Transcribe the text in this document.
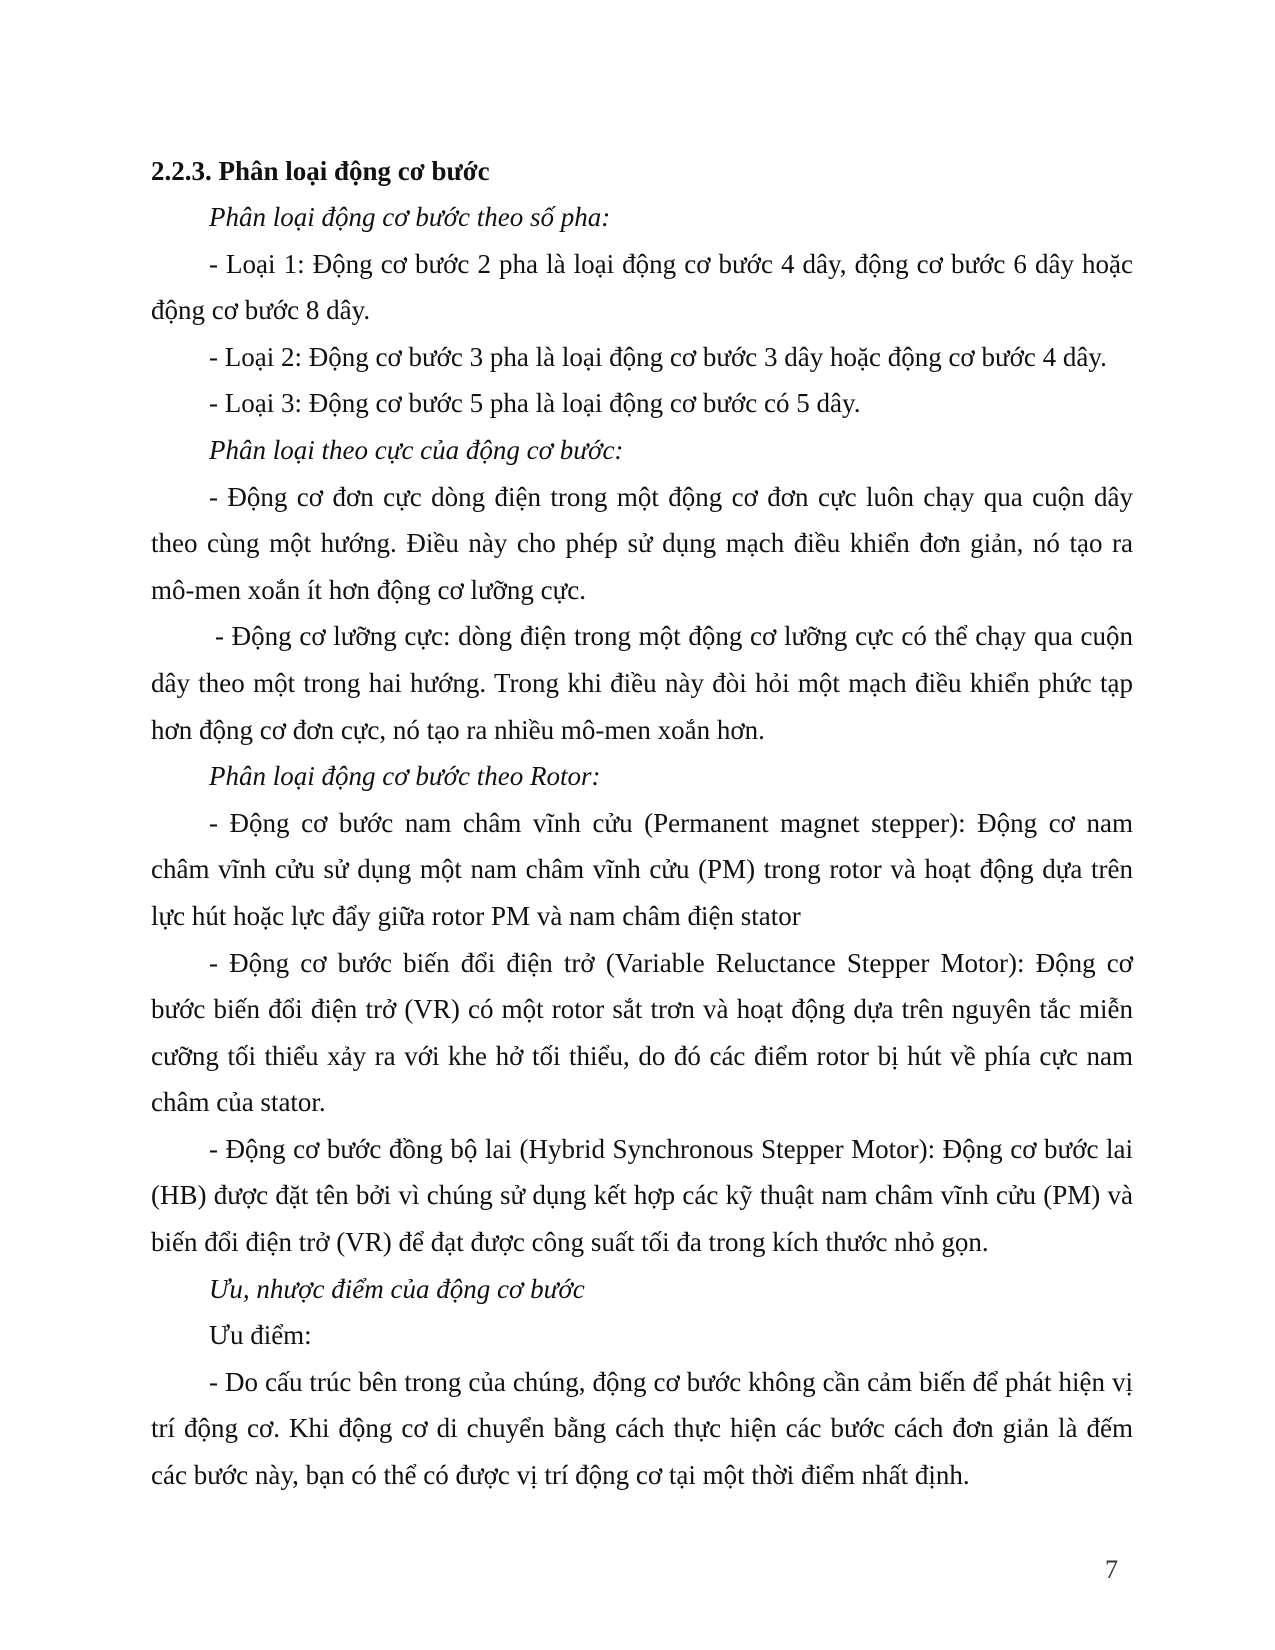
2.2.3. Phân loại động cơ bước

Phân loại động cơ bước theo số pha:

- Loại 1: Động cơ bước 2 pha là loại động cơ bước 4 dây, động cơ bước 6 dây hoặc động cơ bước 8 dây.

- Loại 2: Động cơ bước 3 pha là loại động cơ bước 3 dây hoặc động cơ bước 4 dây.

- Loại 3: Động cơ bước 5 pha là loại động cơ bước có 5 dây.

Phân loại theo cực của động cơ bước:

- Động cơ đơn cực dòng điện trong một động cơ đơn cực luôn chạy qua cuộn dây theo cùng một hướng. Điều này cho phép sử dụng mạch điều khiển đơn giản, nó tạo ra mô-men xoắn ít hơn động cơ lưỡng cực.

- Động cơ lưỡng cực: dòng điện trong một động cơ lưỡng cực có thể chạy qua cuộn dây theo một trong hai hướng. Trong khi điều này đòi hỏi một mạch điều khiển phức tạp hơn động cơ đơn cực, nó tạo ra nhiều mô-men xoắn hơn.

Phân loại động cơ bước theo Rotor:

- Động cơ bước nam châm vĩnh cửu (Permanent magnet stepper): Động cơ nam châm vĩnh cửu sử dụng một nam châm vĩnh cửu (PM) trong rotor và hoạt động dựa trên lực hút hoặc lực đẩy giữa rotor PM và nam châm điện stator

- Động cơ bước biến đổi điện trở (Variable Reluctance Stepper Motor): Động cơ bước biến đổi điện trở (VR) có một rotor sắt trơn và hoạt động dựa trên nguyên tắc miễn cưỡng tối thiểu xảy ra với khe hở tối thiểu, do đó các điểm rotor bị hút về phía cực nam châm của stator.

- Động cơ bước đồng bộ lai (Hybrid Synchronous Stepper Motor): Động cơ bước lai (HB) được đặt tên bởi vì chúng sử dụng kết hợp các kỹ thuật nam châm vĩnh cửu (PM) và biến đổi điện trở (VR) để đạt được công suất tối đa trong kích thước nhỏ gọn.

Ưu, nhược điểm của động cơ bước

Ưu điểm:

- Do cấu trúc bên trong của chúng, động cơ bước không cần cảm biến để phát hiện vị trí động cơ. Khi động cơ di chuyển bằng cách thực hiện các bước cách đơn giản là đếm các bước này, bạn có thể có được vị trí động cơ tại một thời điểm nhất định.

7
